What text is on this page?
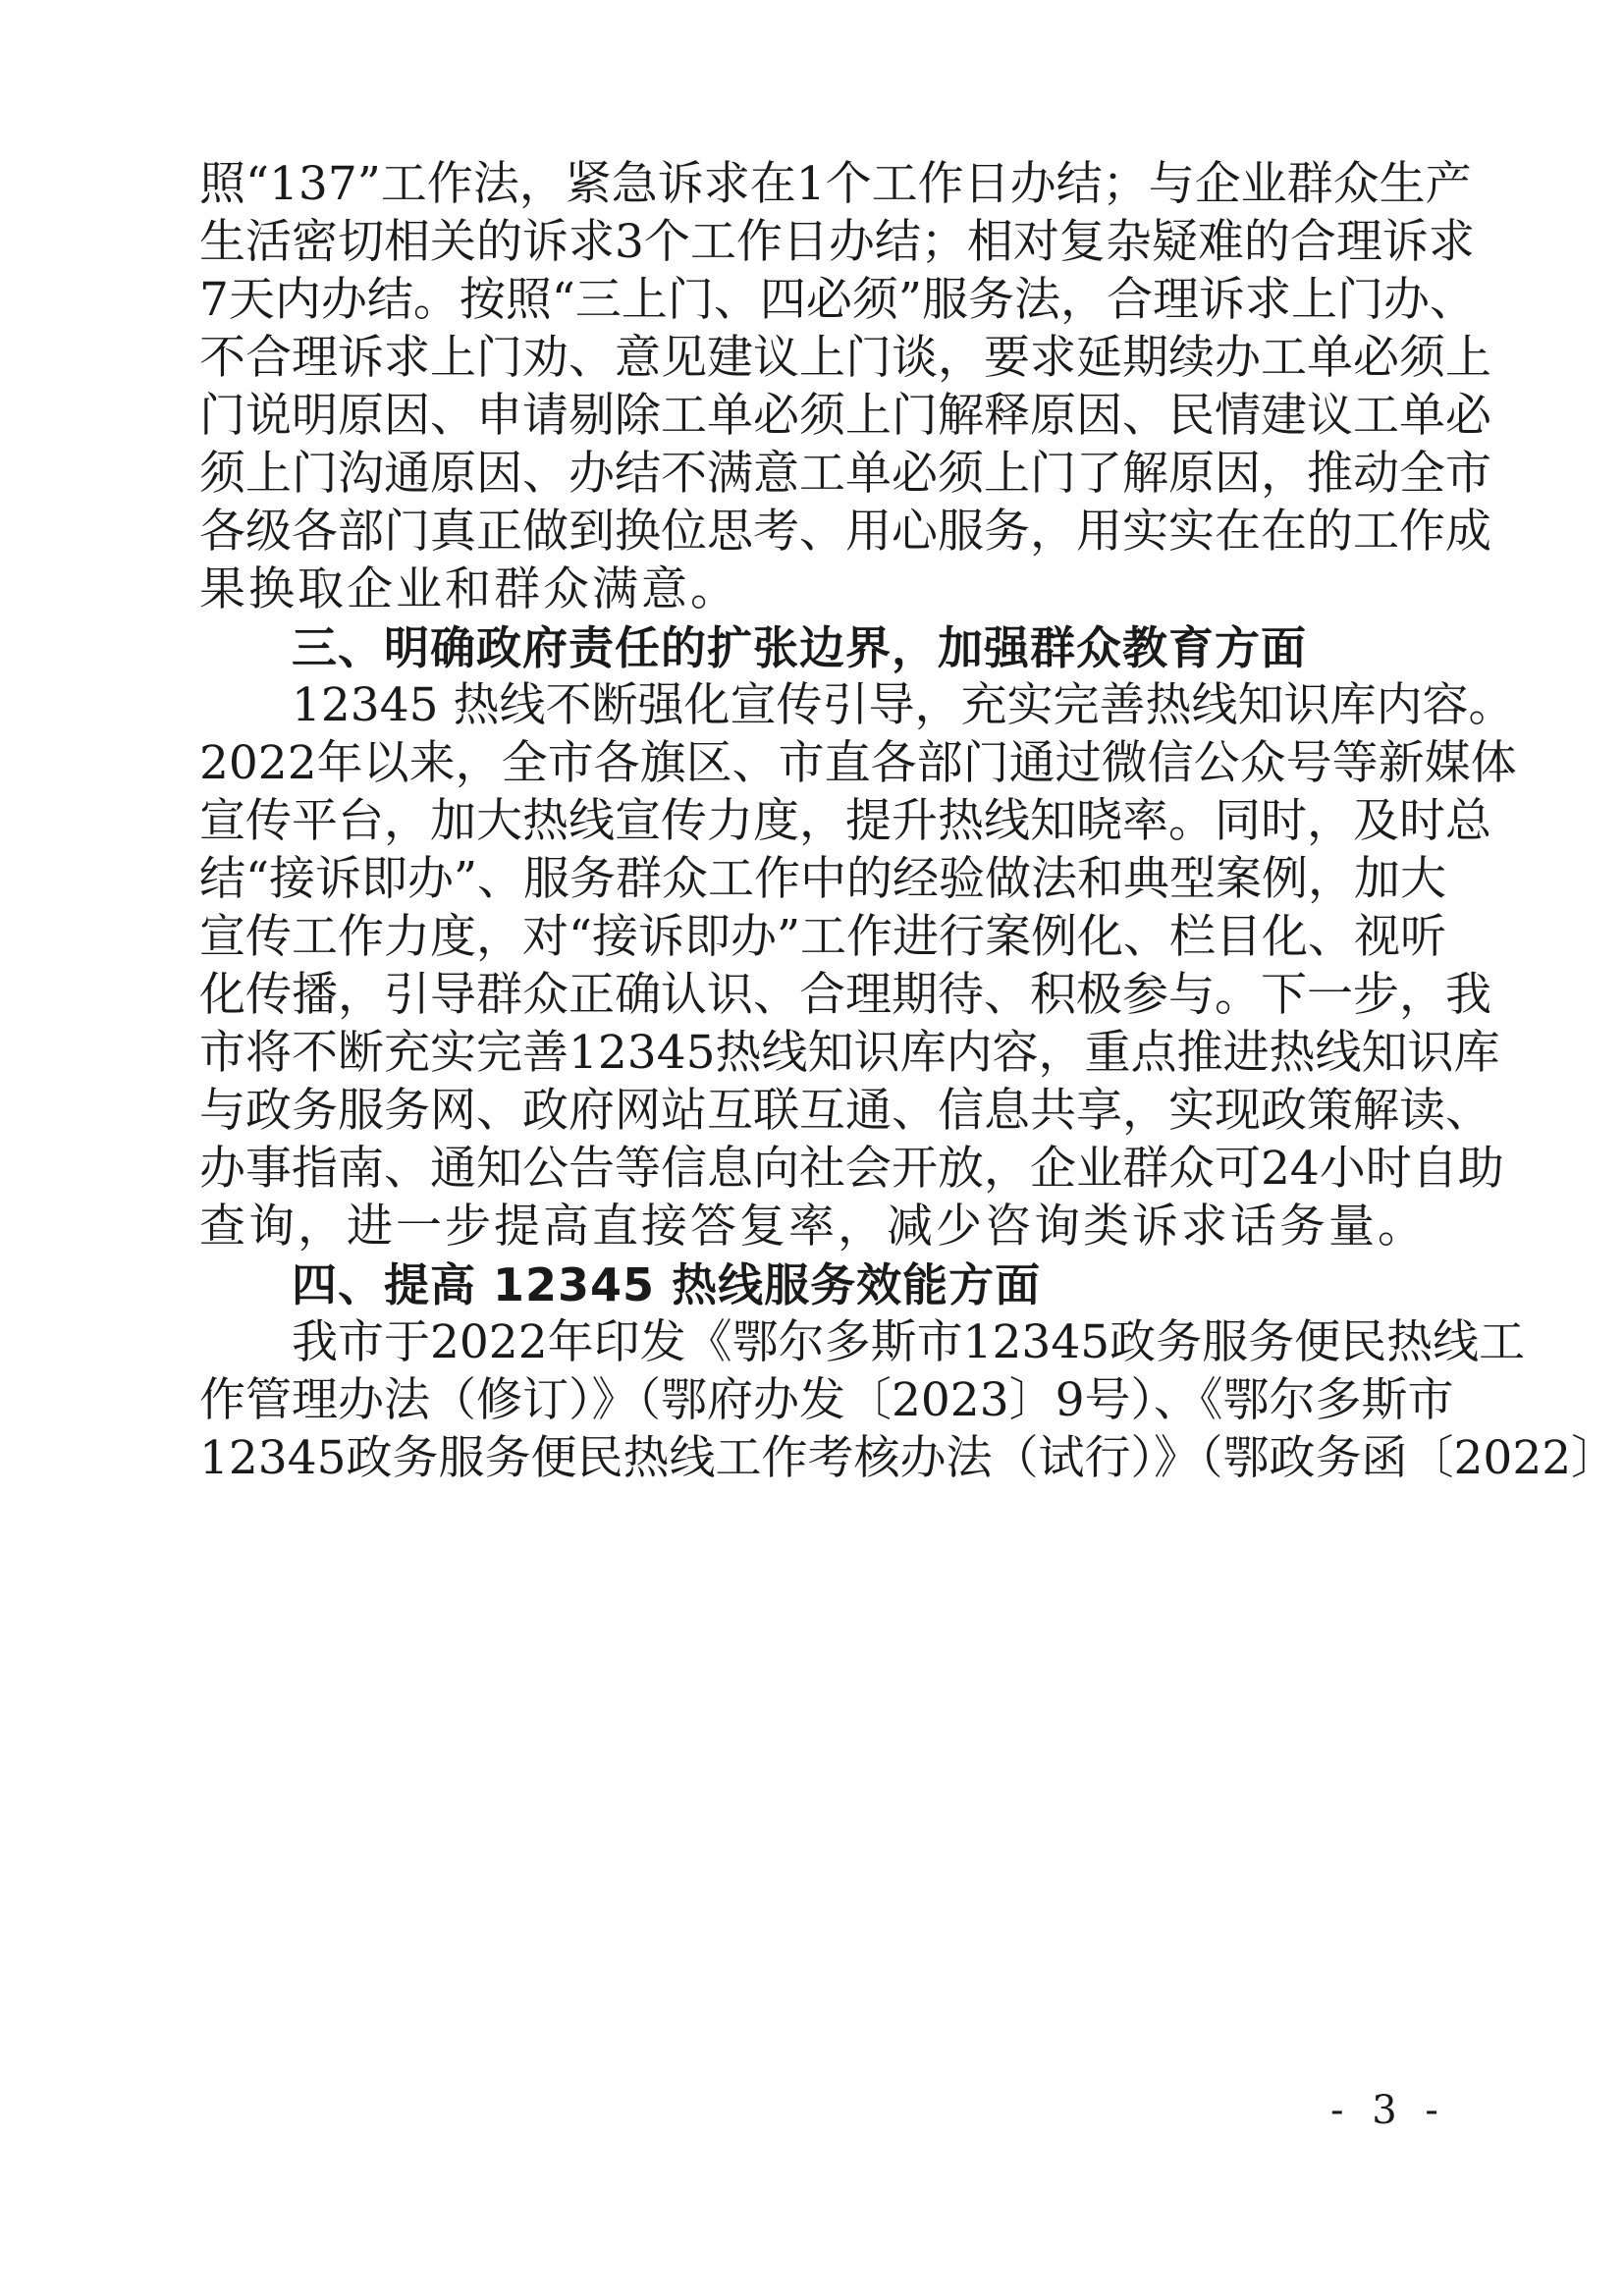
照“137”工作法，紧急诉求在1个工作日办结；与企业群众生产
生活密切相关的诉求3个工作日办结；相对复杂疑难的合理诉求
7天内办结。按照“三上门、四必须”服务法，合理诉求上门办、
不合理诉求上门劝、意见建议上门谈，要求延期续办工单必须上
门说明原因、申请剔除工单必须上门解释原因、民情建议工单必
须上门沟通原因、办结不满意工单必须上门了解原因，推动全市
各级各部门真正做到换位思考、用心服务，用实实在在的工作成
果换取企业和群众满意。
三、明确政府责任的扩张边界，加强群众教育方面
12345 热线不断强化宣传引导，充实完善热线知识库内容。
2022年以来，全市各旗区、市直各部门通过微信公众号等新媒体
宣传平台，加大热线宣传力度，提升热线知晓率。同时，及时总
结“接诉即办”、服务群众工作中的经验做法和典型案例，加大
宣传工作力度，对“接诉即办”工作进行案例化、栏目化、视听
化传播，引导群众正确认识、合理期待、积极参与。下一步，我
市将不断充实完善12345热线知识库内容，重点推进热线知识库
与政务服务网、政府网站互联互通、信息共享，实现政策解读、
办事指南、通知公告等信息向社会开放，企业群众可24小时自助
查询，进一步提高直接答复率，减少咨询类诉求话务量。
四、提高 12345 热线服务效能方面
我市于2022年印发《鄂尔多斯市12345政务服务便民热线工
作管理办法（修订）》（鄂府办发〔2023〕9号）、《鄂尔多斯市
12345政务服务便民热线工作考核办法（试行）》（鄂政务函〔2022〕
- 3 -
